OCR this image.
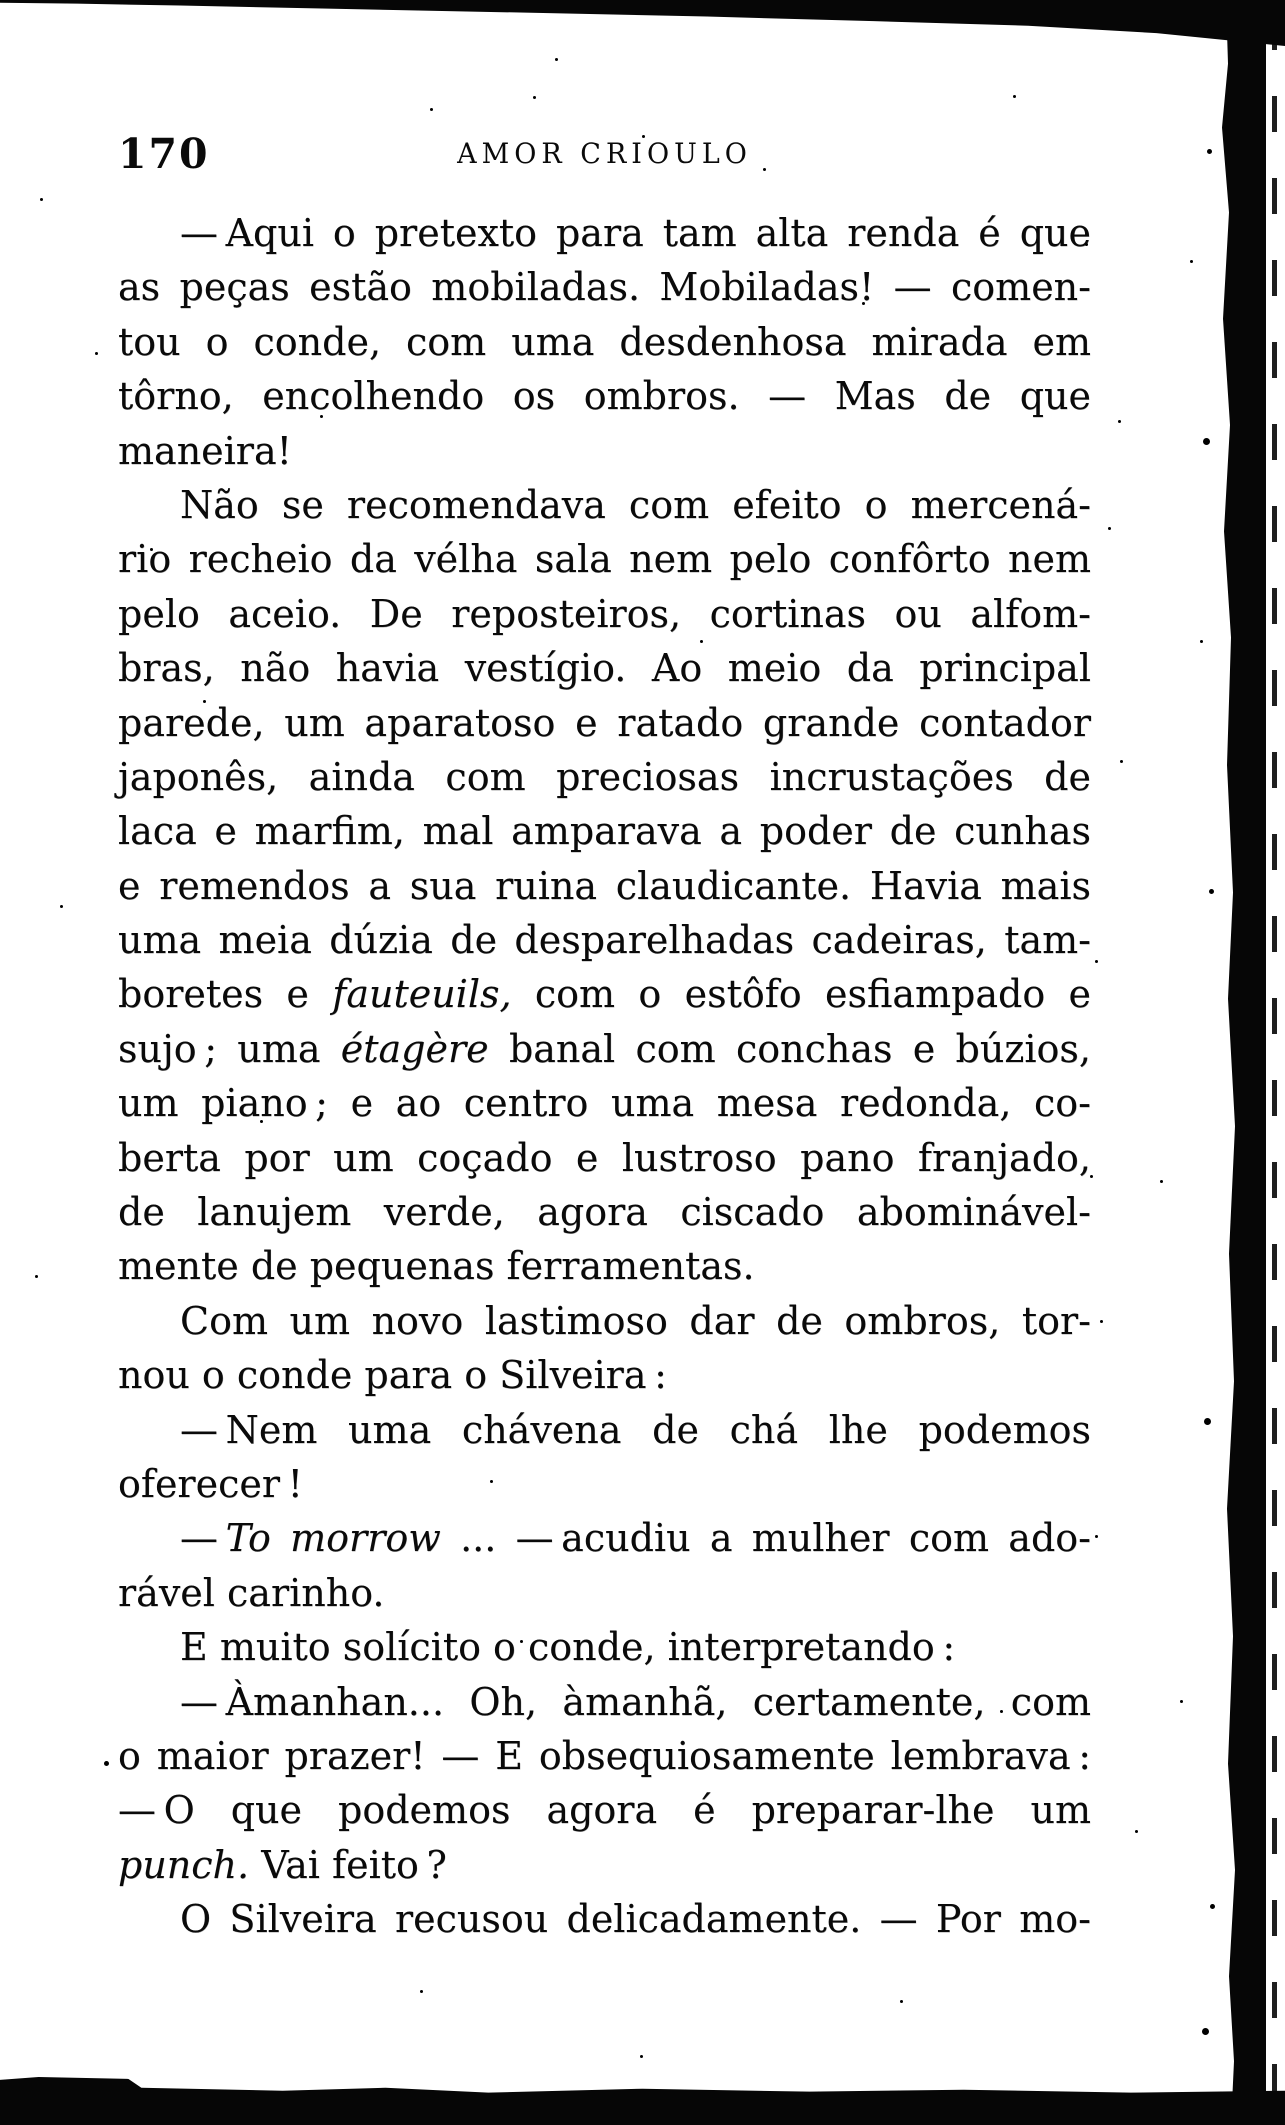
170	AMOR CRIOULO
— Aqui o pretexto para tam alta renda é que
as peças estão mobiladas. Mobiladas! — comen-
tou o conde, com uma desdenhosa mirada em
tôrno, encolhendo os ombros. — Mas de que
maneira!
Não se recomendava com efeito o mercená-
rio recheio da vélha sala nem pelo confôrto nem
pelo aceio. De reposteiros, cortinas ou alfom-
bras, não havia vestígio. Ao meio da principal
parede, um aparatoso e ratado grande contador
japonês, ainda com preciosas incrustações de
laca e marfim, mal amparava a poder de cunhas
e remendos a sua ruina claudicante. Havia mais
uma meia dúzia de desparelhadas cadeiras, tam-
boretes e fauteuils, com o estôfo esfiampado e
sujo ; uma étagère banal com conchas e búzios,
um piano ; e ao centro uma mesa redonda, co-
berta por um coçado e lustroso pano franjado,
de lanujem verde, agora ciscado abominável-
mente de pequenas ferramentas.
Com um novo lastimoso dar de ombros, tor-
nou o conde para o Silveira :
— Nem uma chávena de chá lhe podemos
oferecer !
— To morrow ... — acudiu a mulher com ado-
rável carinho.
E muito solícito o conde, interpretando :
— Àmanhan... Oh, àmanhã, certamente, com
o maior prazer! — E obsequiosamente lembrava :
— O que podemos agora é preparar-lhe um
punch. Vai feito ?
O Silveira recusou delicadamente. — Por mo-
